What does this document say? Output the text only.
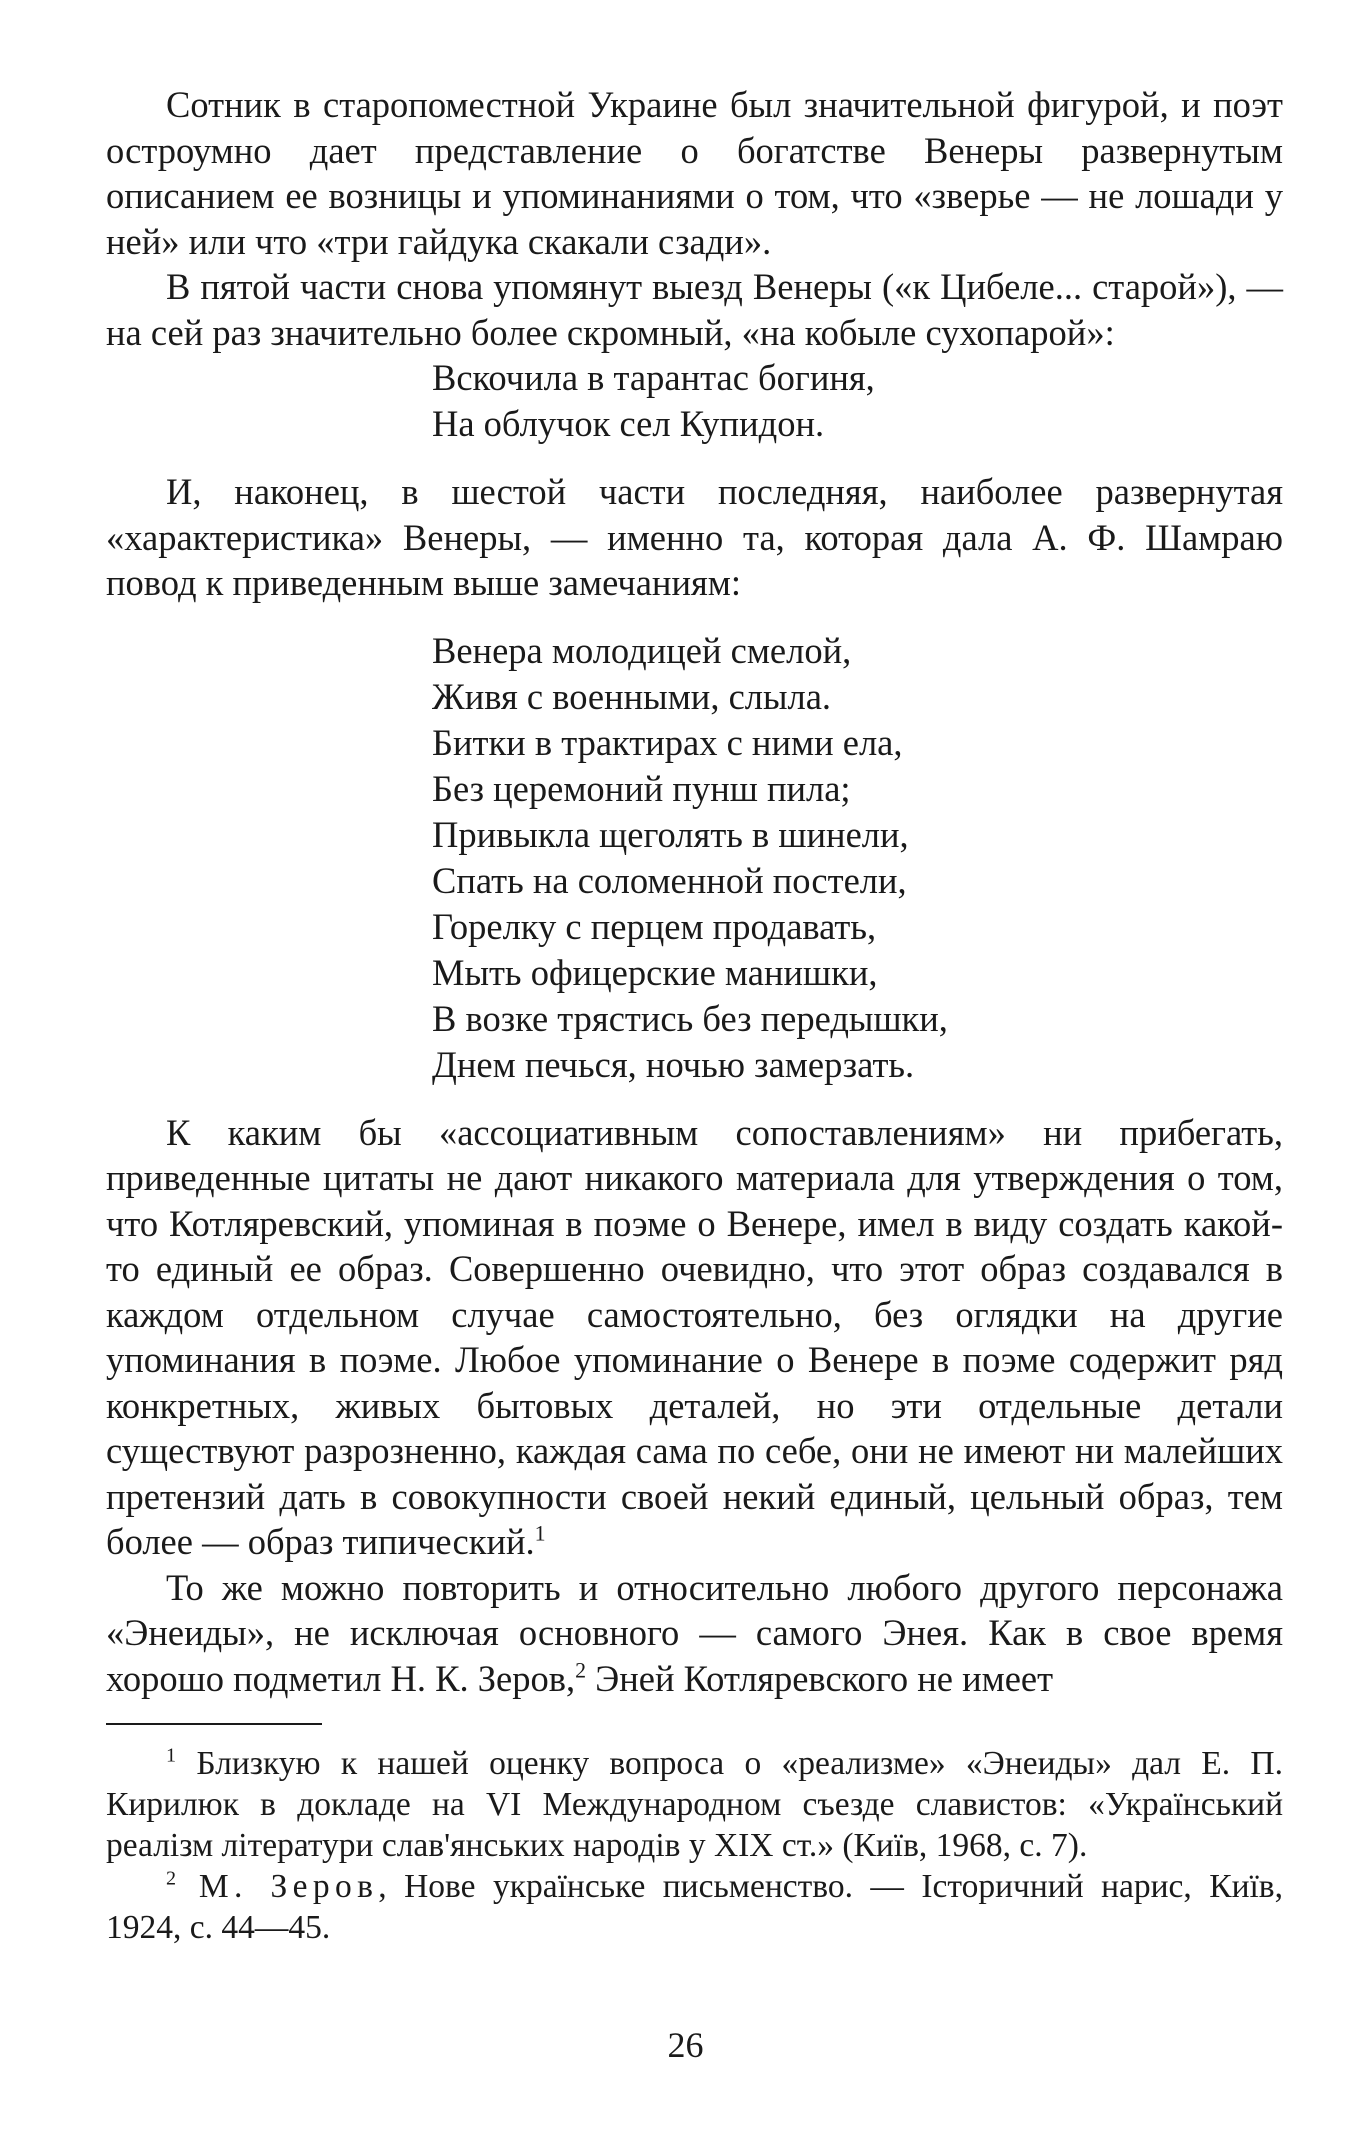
Сотник в старопоместной Украине был значительной фигурой, и поэт остроумно дает представление о богатстве Венеры развернутым описанием ее возницы и упоминаниями о том, что «зверье — не лошади у ней» или что «три гайдука скакали сзади».

В пятой части снова упомянут выезд Венеры («к Цибеле... старой»), — на сей раз значительно более скромный, «на кобыле сухопарой»:

Вскочила в тарантас богиня,
На облучок сел Купидон.

И, наконец, в шестой части последняя, наиболее развернутая «характеристика» Венеры, — именно та, которая дала А. Ф. Шамраю повод к приведенным выше замечаниям:

Венера молодицей смелой,
Живя с военными, слыла.
Битки в трактирах с ними ела,
Без церемоний пунш пила;
Привыкла щеголять в шинели,
Спать на соломенной постели,
Горелку с перцем продавать,
Мыть офицерские манишки,
В возке трястись без передышки,
Днем печься, ночью замерзать.

К каким бы «ассоциативным сопоставлениям» ни прибегать, приведенные цитаты не дают никакого материала для утверждения о том, что Котляревский, упоминая в поэме о Венере, имел в виду создать какой-то единый ее образ. Совершенно очевидно, что этот образ создавался в каждом отдельном случае самостоятельно, без оглядки на другие упоминания в поэме. Любое упоминание о Венере в поэме содержит ряд конкретных, живых бытовых деталей, но эти отдельные детали существуют разрозненно, каждая сама по себе, они не имеют ни малейших претензий дать в совокупности своей некий единый, цельный образ, тем более — образ типический.$^1$

То же можно повторить и относительно любого другого персонажа «Энеиды», не исключая основного — самого Энея. Как в свое время хорошо подметил Н. К. Зеров,$^2$ Эней Котляревского не имеет

$^1$ Близкую к нашей оценку вопроса о «реализме» «Энеиды» дал Е. П. Кирилюк в докладе на VI Международном съезде славистов: «Український реалізм літератури слав'янських народів у XIX ст.» (Київ, 1968, с. 7).

$^2$ М. Зеров, Нове українське письменство. — Історичний нарис, Київ, 1924, с. 44—45.

26
